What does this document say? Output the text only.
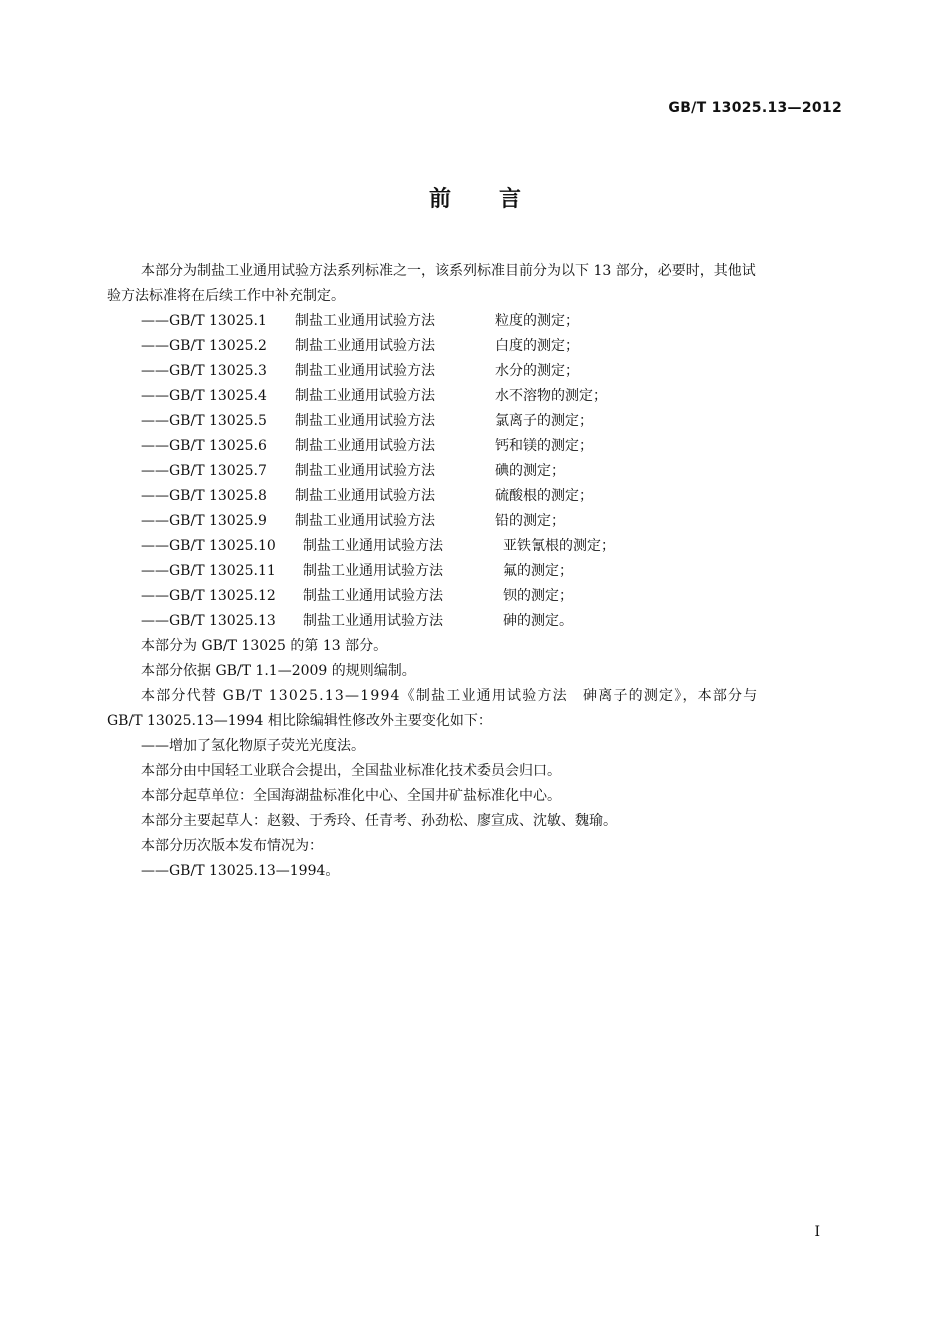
GB/T 13025.13—2012
前言

本部分为制盐工业通用试验方法系列标准之一，该系列标准目前分为以下 13 部分，必要时，其他试
验方法标准将在后续工作中补充制定。

——GB/T 13025.1 制盐工业通用试验方法	粒度的测定；

——GB/T 13025.2 制盐工业通用试验方法	白度的测定；

——GB/T 13025.3 制盐工业通用试验方法	水分的测定；

——GB/T 13025.4 制盐工业通用试验方法	水不溶物的测定；

——GB/T 13025.5 制盐工业通用试验方法	氯离子的测定；

——GB/T 13025.6 制盐工业通用试验方法	钙和镁的测定；

——GB/T 13025.7 制盐工业通用试验方法	碘的测定；

——GB/T 13025.8 制盐工业通用试验方法	硫酸根的测定；

——GB/T 13025.9 制盐工业通用试验方法	铅的测定；

——GB/T 13025.10 制盐工业通用试验方法	亚铁氰根的测定；

——GB/T 13025.11 制盐工业通用试验方法	氟的测定；

——GB/T 13025.12 制盐工业通用试验方法	钡的测定；

——GB/T 13025.13 制盐工业通用试验方法	砷的测定。

本部分为 GB/T 13025 的第 13 部分。

本部分依据 GB/T 1.1—2009 的规则编制。

本部分代替 GB/T 13025.13—1994《制盐工业通用试验方法　砷离子的测定》，本部分与

GB/T 13025.13—1994 相比除编辑性修改外主要变化如下：

——增加了氢化物原子荧光光度法。

本部分由中国轻工业联合会提出，全国盐业标准化技术委员会归口。

本部分起草单位：全国海湖盐标准化中心、全国井矿盐标准化中心。

本部分主要起草人：赵毅、于秀玲、任青考、孙劲松、廖宣成、沈敏、魏瑜。

本部分历次版本发布情况为：

——GB/T 13025.13—1994。

I
